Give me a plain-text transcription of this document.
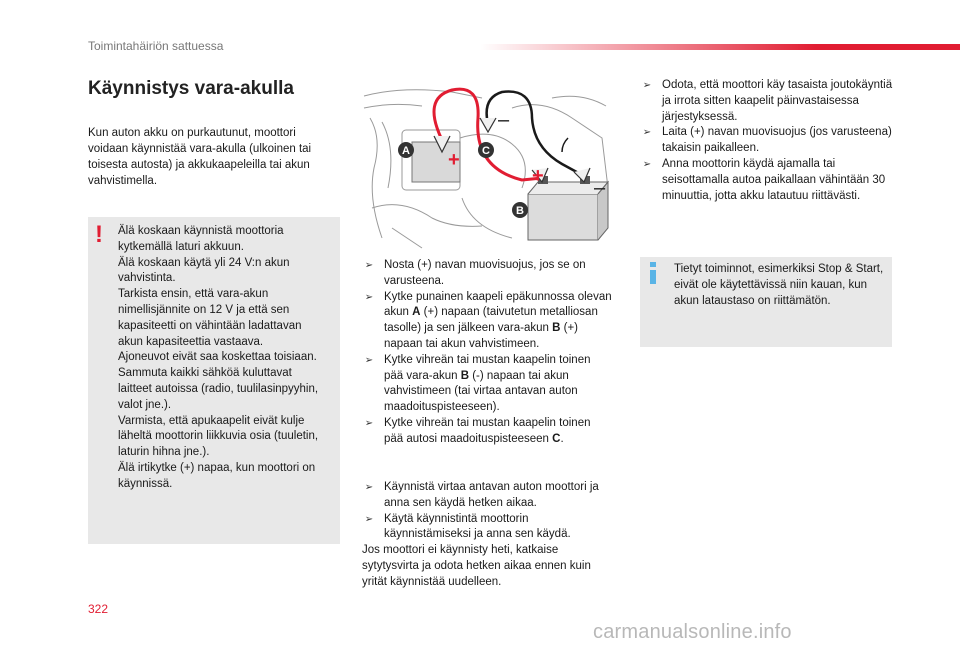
Toimintahäiriön sattuessa
Käynnistys vara-akulla
Kun auton akku on purkautunut, moottori voidaan käynnistää vara-akulla (ulkoinen tai toisesta autosta) ja akkukaapeleilla tai akun vahvistimella.
! Älä koskaan käynnistä moottoria

kytkemällä laturi akkuun.

Älä koskaan käytä yli 24 V:n akun

vahvistinta.

Tarkista ensin, että vara-akun

nimellisjännite on 12 V ja että sen

kapasiteetti on vähintään ladattavan

akun kapasiteettia vastaava.

Ajoneuvot eivät saa koskettaa toisiaan.

Sammuta kaikki sähköä kuluttavat

laitteet autoissa (radio, tuulilasinpyyhin,

valot jne.).

Varmista, että apukaapelit eivät kulje

läheltä moottorin liikkuvia osia (tuuletin,

laturin hihna jne.).

Älä irtikytke (+) napaa, kun moottori on

käynnissä.

+
–
+
–
A	C
B
➢ Nosta (+) navan muovisuojus, jos se on varusteena.
➢ Kytke punainen kaapeli epäkunnossa olevan akun A (+) napaan (taivutetun metalliosan tasolle) ja sen jälkeen vara-akun B (+) napaan tai akun vahvistimeen.
➢ Kytke vihreän tai mustan kaapelin toinen pää vara-akun B (-) napaan tai akun vahvistimeen (tai virtaa antavan auton maadoituspisteeseen).
➢ Kytke vihreän tai mustan kaapelin toinen pää autosi maadoituspisteeseen C.
➢ Käynnistä virtaa antavan auton moottori ja anna sen käydä hetken aikaa.
➢ Käytä käynnistintä moottorin käynnistämiseksi ja anna sen käydä.

Jos moottori ei käynnisty heti, katkaise sytytysvirta ja odota hetken aikaa ennen kuin yrität käynnistää uudelleen.

➢ Odota, että moottori käy tasaista joutokäyntiä ja irrota sitten kaapelit päinvastaisessa järjestyksessä.
➢ Laita (+) navan muovisuojus (jos varusteena) takaisin paikalleen.
➢ Anna moottorin käydä ajamalla tai seisottamalla autoa paikallaan vähintään 30 minuuttia, jotta akku latautuu riittävästi.
Tietyt toiminnot, esimerkiksi Stop & Start, eivät ole käytettävissä niin kauan, kun akun lataustaso on riittämätön.
322
carmanualsonline.info
